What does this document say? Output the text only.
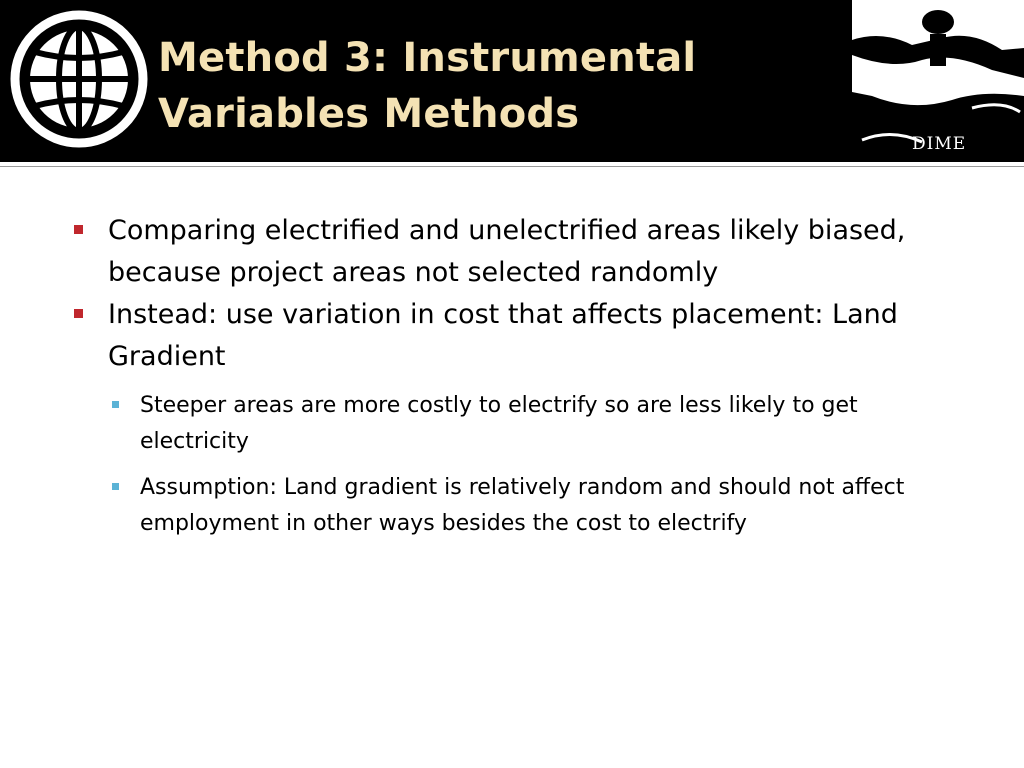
Method 3: Instrumental
Variables Methods
DIME
Comparing electrified and unelectrified areas likely biased, because project areas not selected randomly
Instead: use variation in cost that affects placement: Land Gradient
Steeper areas are more costly to electrify so are less likely to get electricity
Assumption: Land gradient is relatively random and should not affect employment in other ways besides the cost to electrify
